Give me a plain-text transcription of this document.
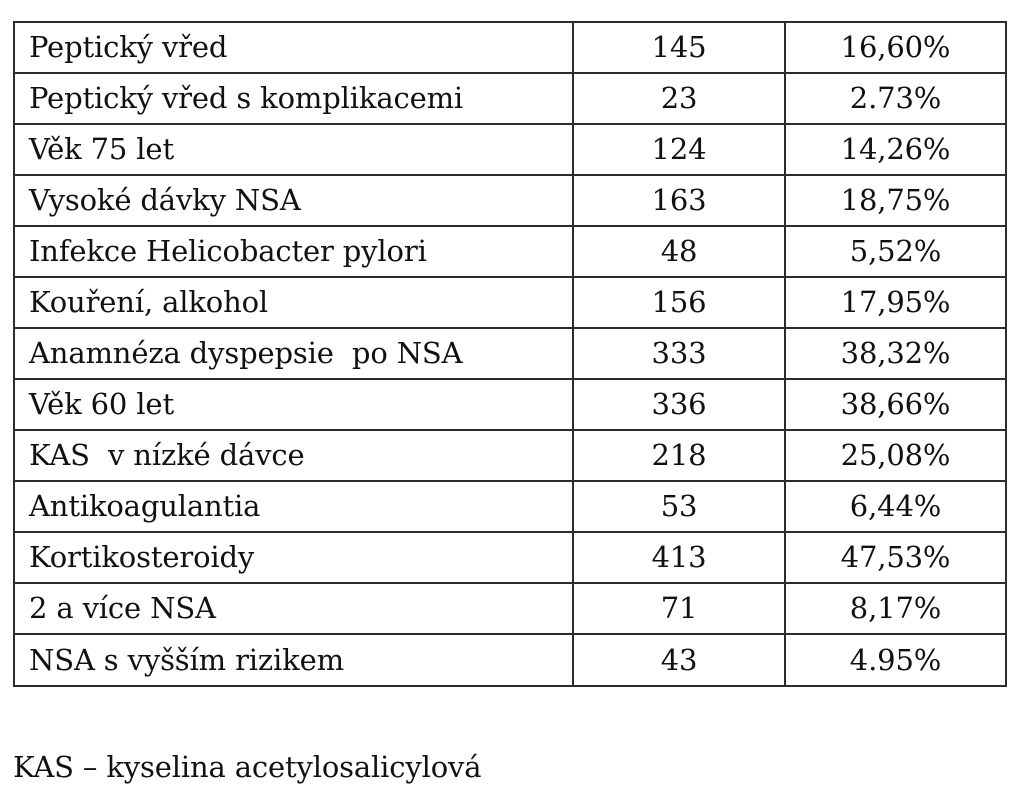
Peptický vřed	145	16,60%
Peptický vřed s komplikacemi	23	2.73%
Věk 75 let	124	14,26%
Vysoké dávky NSA	163	18,75%
Infekce Helicobacter pylori	48	5,52%
Kouření, alkohol	156	17,95%
Anamnéza dyspepsie  po NSA	333	38,32%
Věk 60 let	336	38,66%
KAS  v nízké dávce	218	25,08%
Antikoagulantia	53	6,44%
Kortikosteroidy	413	47,53%
2 a více NSA	71	8,17%
NSA s vyšším rizikem	43	4.95%
KAS – kyselina acetylosalicylová
